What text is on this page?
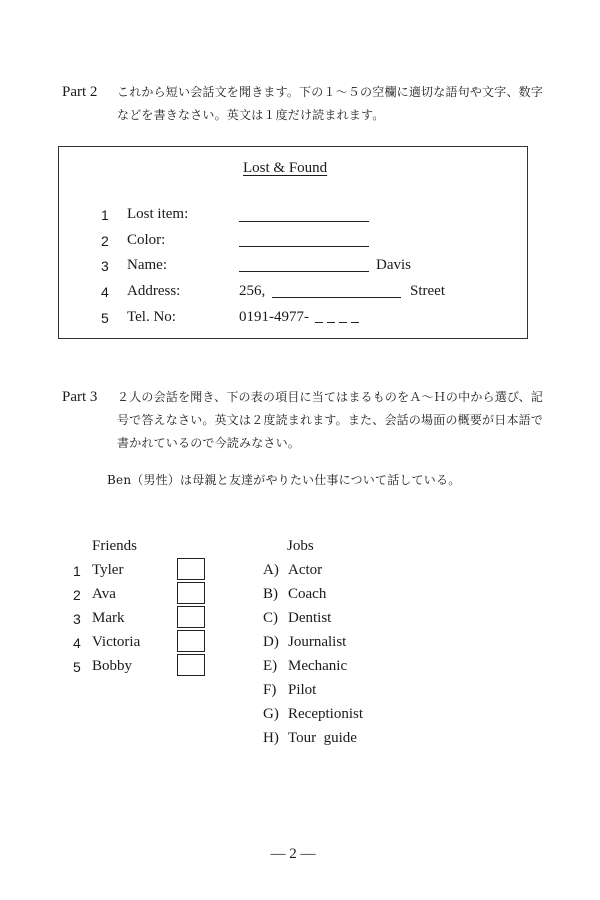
Part 2 これから短い会話文を聞きます。下の１～５の空欄に適切な語句や文字、数字
などを書きなさい。英文は１度だけ読まれます。
Lost & Found
1 Lost item:
2 Color:
3 Name:	Davis
4 Address:	256,	Street
5 Tel. No:	0191-4977-
Part 3 ２人の会話を聞き、下の表の項目に当てはまるものをＡ～Ｈの中から選び、記
号で答えなさい。英文は２度読まれます。また、会話の場面の概要が日本語で
書かれているので今読みなさい。
Ben（男性）は母親と友達がやりたい仕事について話している。
Friends	Jobs
1 Tyler
2 Ava
3 Mark
4 Victoria
5 Bobby
A) Actor
B) Coach
C) Dentist
D) Journalist
E) Mechanic
F) Pilot
G) Receptionist
H) Tour  guide
— 2 —
